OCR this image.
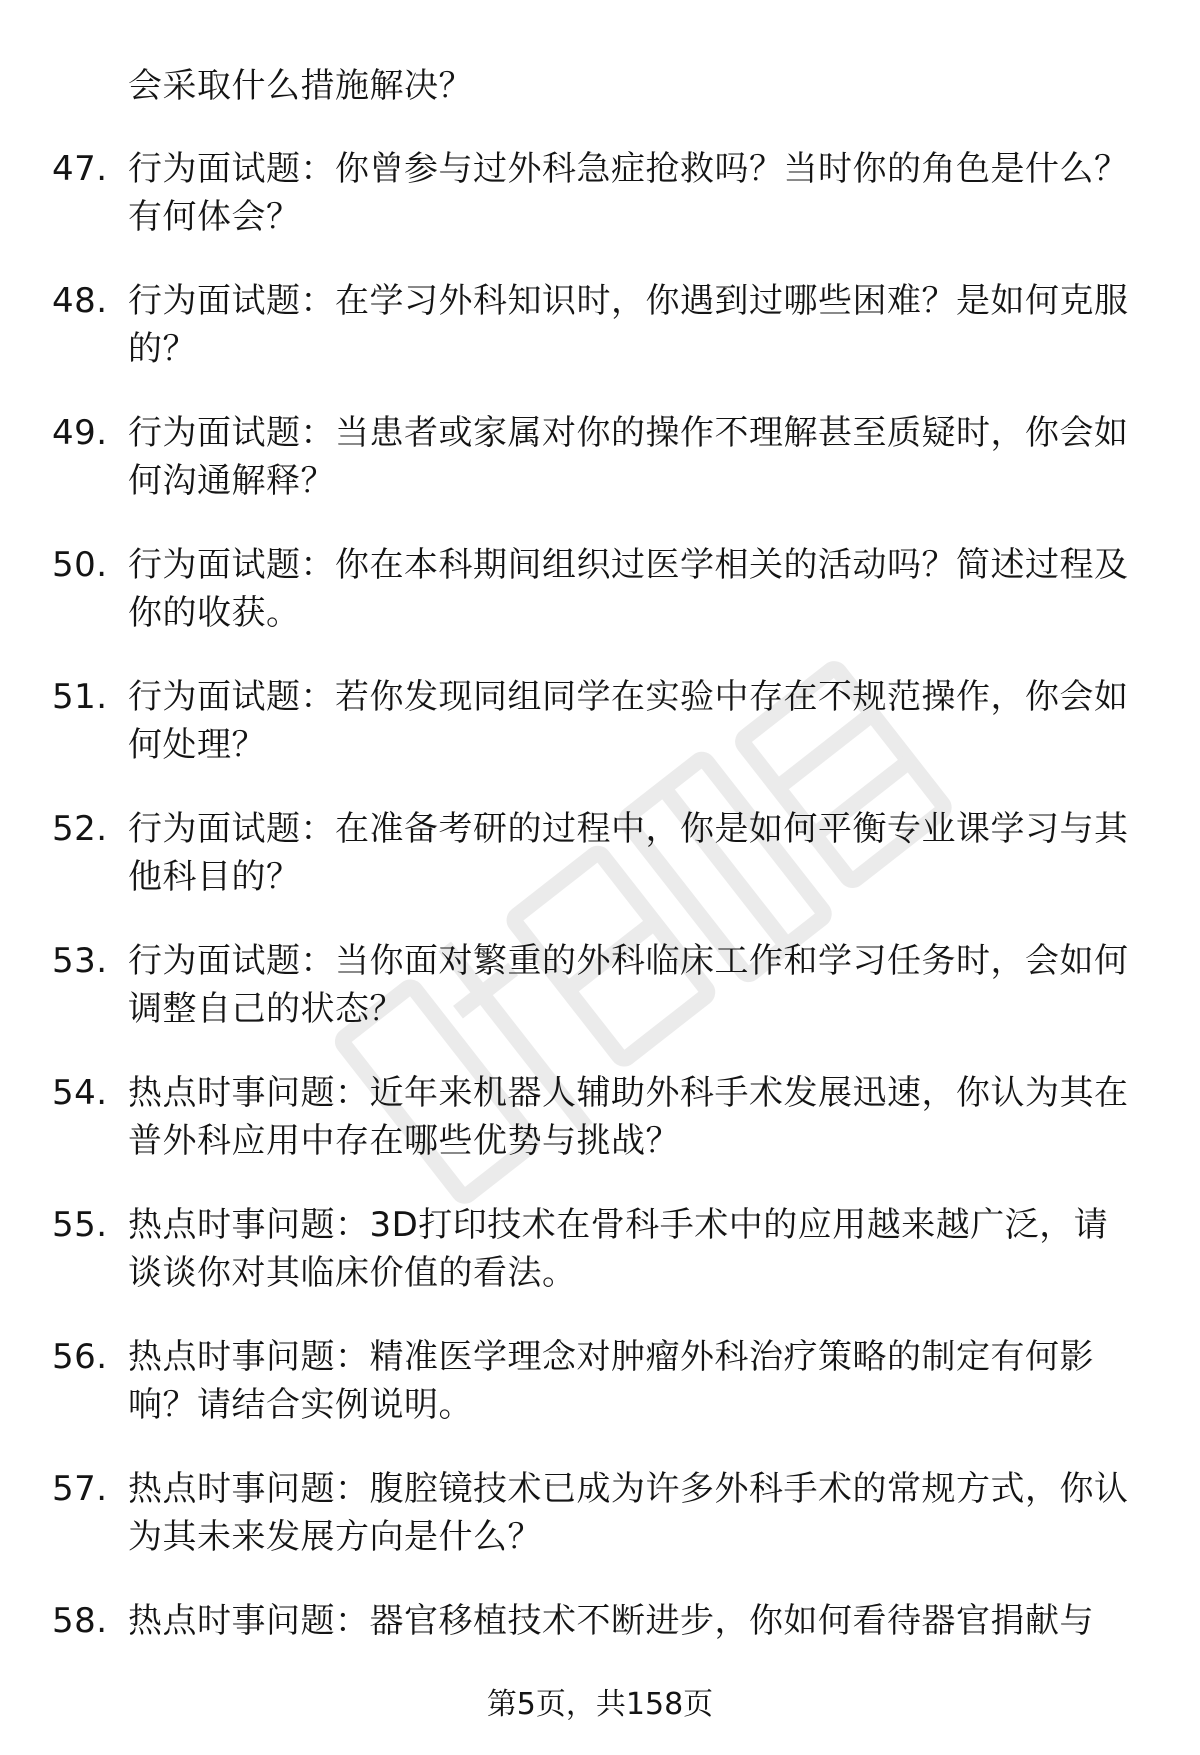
会采取什么措施解决？
47. 行为面试题：你曾参与过外科急症抢救吗？当时你的角色是什么？有何体会？
48. 行为面试题：在学习外科知识时，你遇到过哪些困难？是如何克服的？
49. 行为面试题：当患者或家属对你的操作不理解甚至质疑时，你会如何沟通解释？
50. 行为面试题：你在本科期间组织过医学相关的活动吗？简述过程及你的收获。
51. 行为面试题：若你发现同组同学在实验中存在不规范操作，你会如何处理？
52. 行为面试题：在准备考研的过程中，你是如何平衡专业课学习与其他科目的？
53. 行为面试题：当你面对繁重的外科临床工作和学习任务时，会如何调整自己的状态？
54. 热点时事问题：近年来机器人辅助外科手术发展迅速，你认为其在普外科应用中存在哪些优势与挑战？
55. 热点时事问题：3D打印技术在骨科手术中的应用越来越广泛，请谈谈你对其临床价值的看法。
56. 热点时事问题：精准医学理念对肿瘤外科治疗策略的制定有何影响？请结合实例说明。
57. 热点时事问题：腹腔镜技术已成为许多外科手术的常规方式，你认为其未来发展方向是什么？
58. 热点时事问题：器官移植技术不断进步，你如何看待器官捐献与
第5页，共158页
